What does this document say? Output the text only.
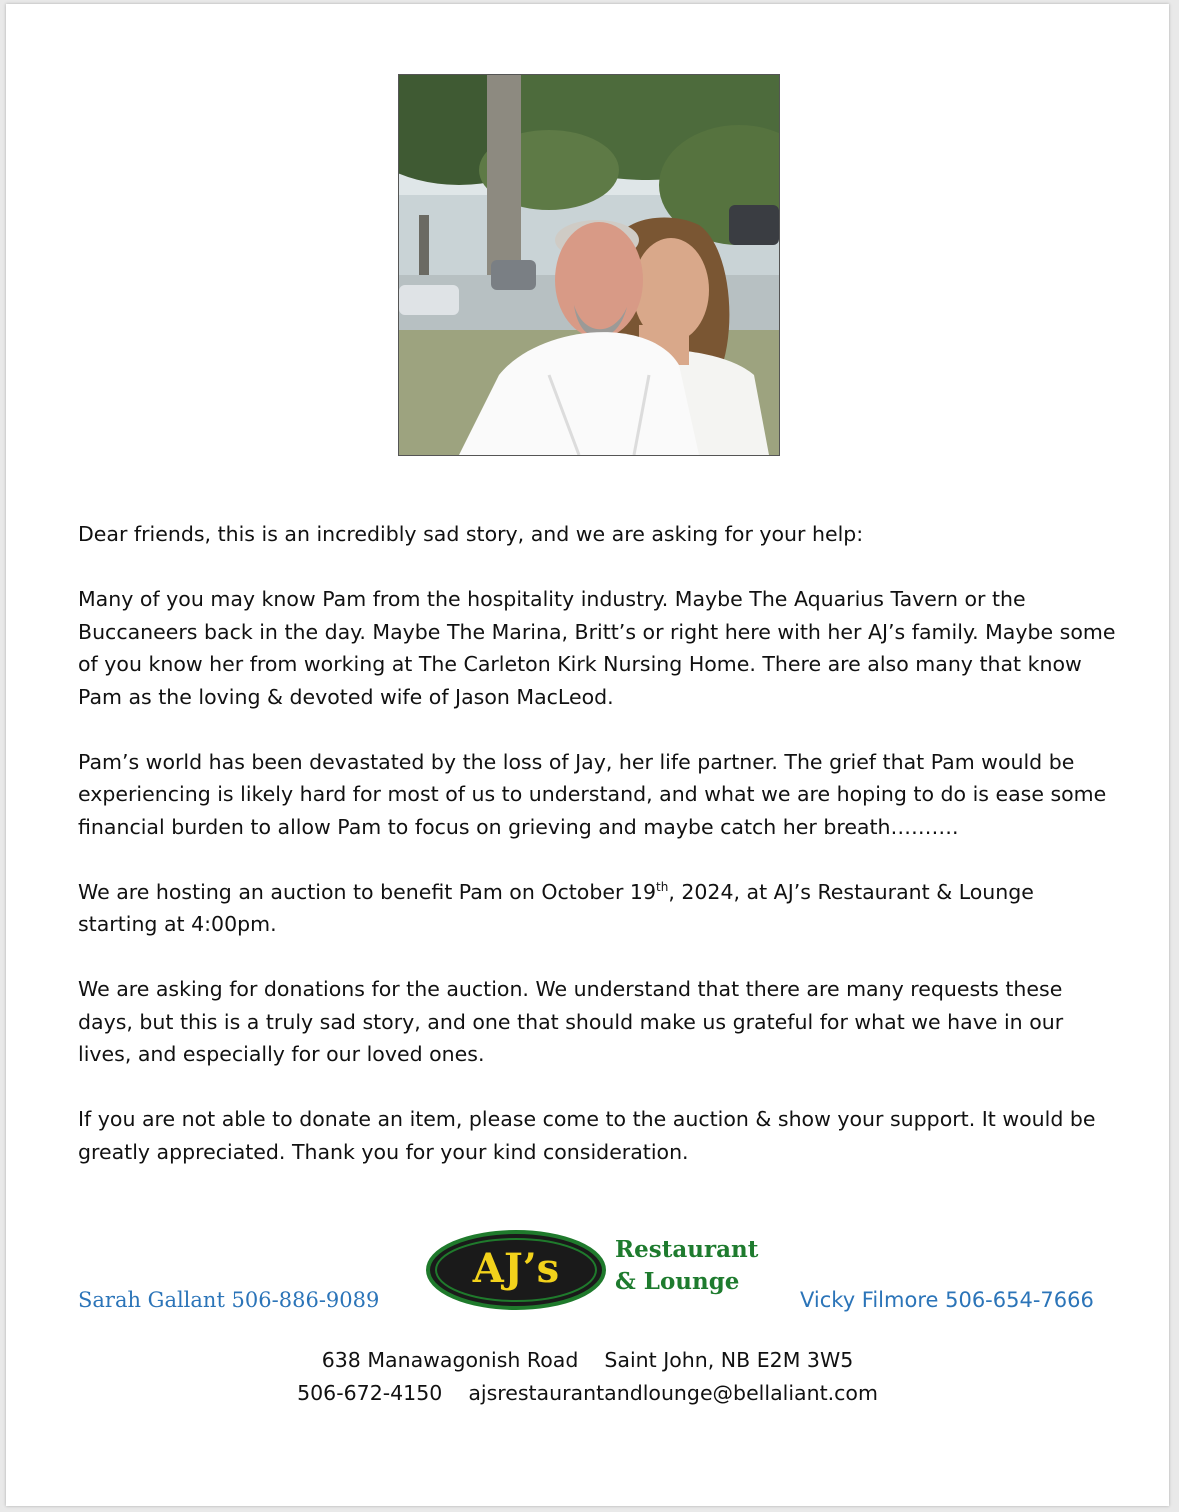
Dear friends, this is an incredibly sad story, and we are asking for your help:

Many of you may know Pam from the hospitality industry. Maybe The Aquarius Tavern or the Buccaneers back in the day. Maybe The Marina, Britt’s or right here with her AJ’s family. Maybe some of you know her from working at The Carleton Kirk Nursing Home. There are also many that know Pam as the loving & devoted wife of Jason MacLeod.

Pam’s world has been devastated by the loss of Jay, her life partner. The grief that Pam would be experiencing is likely hard for most of us to understand, and what we are hoping to do is ease some financial burden to allow Pam to focus on grieving and maybe catch her breath……….

We are hosting an auction to benefit Pam on October 19th, 2024, at AJ’s Restaurant & Lounge starting at 4:00pm.

We are asking for donations for the auction. We understand that there are many requests these days, but this is a truly sad story, and one that should make us grateful for what we have in our lives, and especially for our loved ones.

If you are not able to donate an item, please come to the auction & show your support. It would be greatly appreciated. Thank you for your kind consideration.

Sarah Gallant 506-886-9089
AJ’s Restaurant
& Lounge
Vicky Filmore 506-654-7666
638 Manawagonish Road Saint John, NB E2M 3W5
506-672-4150 ajsrestaurantandlounge@bellaliant.com
